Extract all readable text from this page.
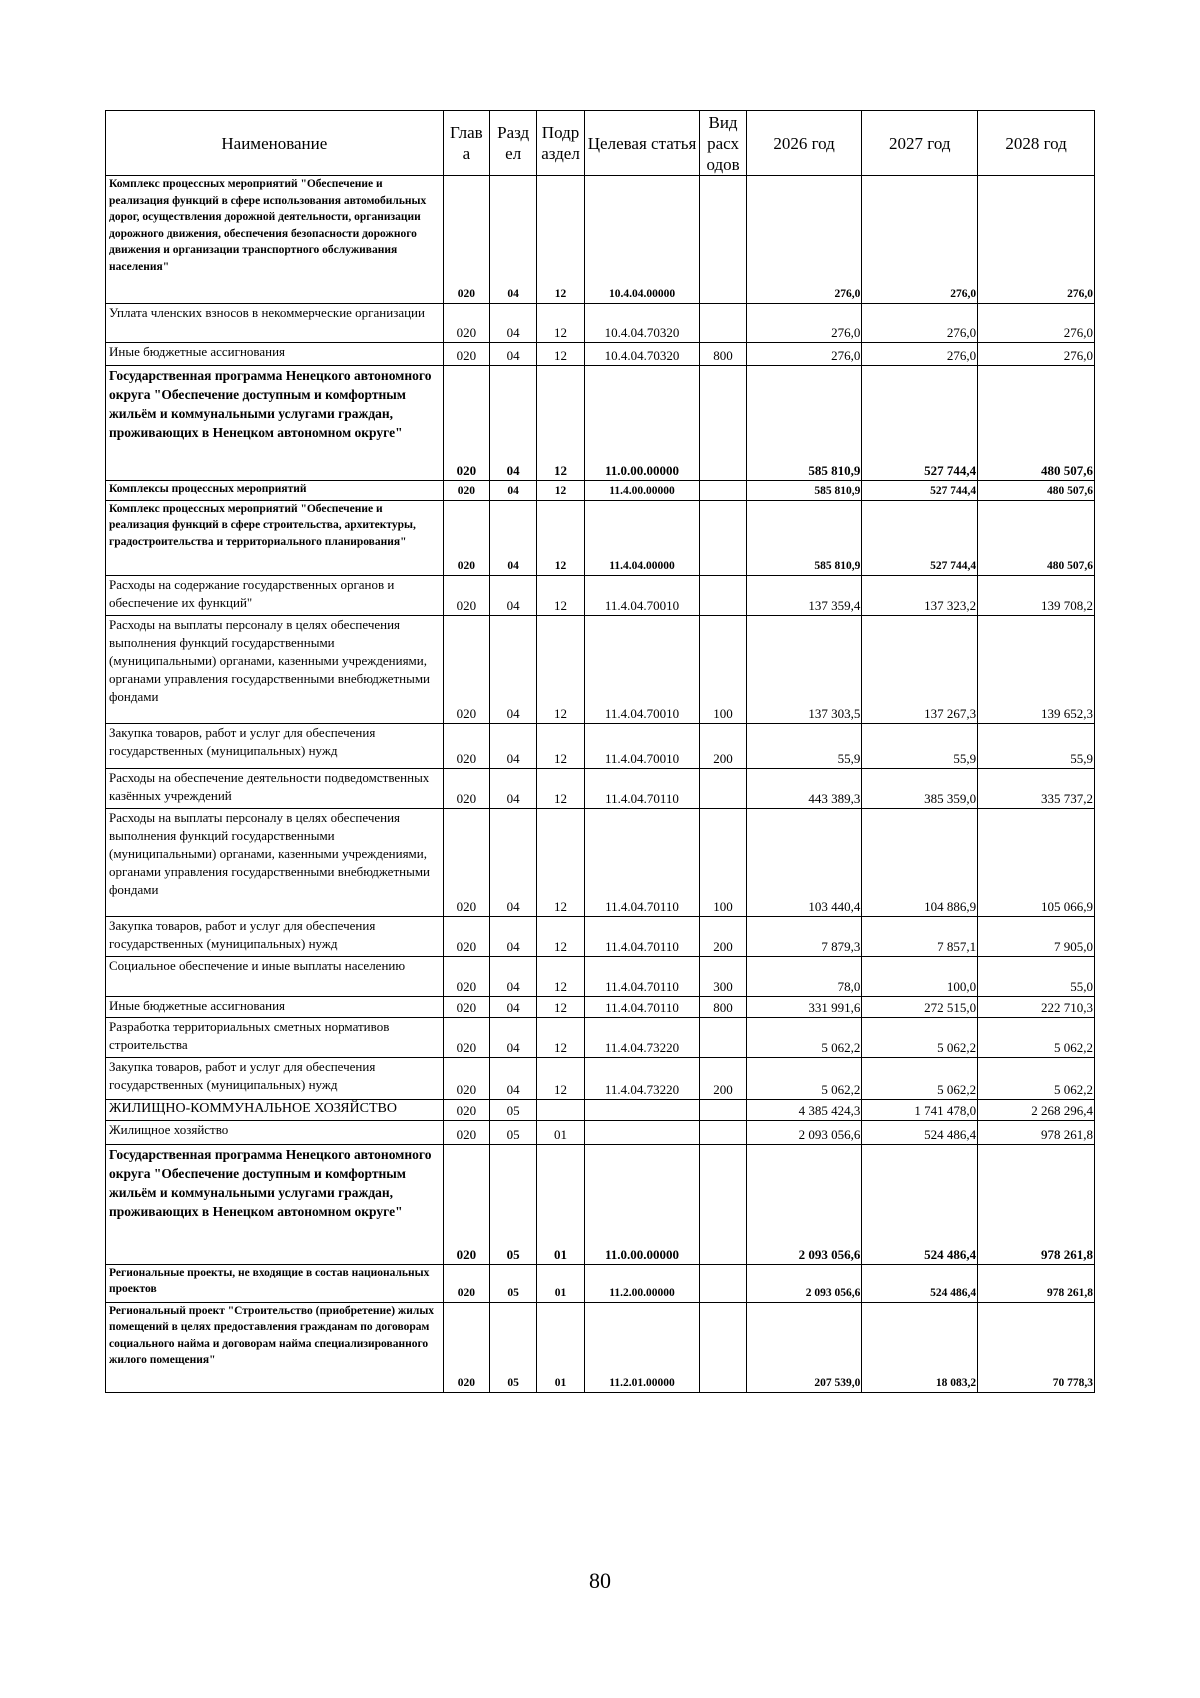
Наименование	Глав а	Разд ел	Подр аздел	Целевая статья	Вид расх одов	2026 год	2027 год	2028 год
Комплекс процессных мероприятий "Обеспечение и реализация функций в сфере использования автомобильных дорог, осуществления дорожной деятельности, организации дорожного движения, обеспечения безопасности дорожного движения и организации транспортного обслуживания населения"	020	04	12	10.4.04.00000		276,0	276,0	276,0
Уплата членских взносов в некоммерческие организации	020	04	12	10.4.04.70320		276,0	276,0	276,0
Иные бюджетные ассигнования	020	04	12	10.4.04.70320	800	276,0	276,0	276,0
Государственная программа Ненецкого автономного округа "Обеспечение доступным и комфортным жильём и коммунальными услугами граждан, проживающих в Ненецком автономном округе"	020	04	12	11.0.00.00000		585 810,9	527 744,4	480 507,6
Комплексы процессных мероприятий	020	04	12	11.4.00.00000		585 810,9	527 744,4	480 507,6
Комплекс процессных мероприятий "Обеспечение и реализация функций в сфере строительства, архитектуры, градостроительства и территориального планирования"	020	04	12	11.4.04.00000		585 810,9	527 744,4	480 507,6
Расходы на содержание государственных органов и обеспечение их функций"	020	04	12	11.4.04.70010		137 359,4	137 323,2	139 708,2
Расходы на выплаты персоналу в целях обеспечения выполнения функций государственными (муниципальными) органами, казенными учреждениями, органами управления государственными внебюджетными фондами	020	04	12	11.4.04.70010	100	137 303,5	137 267,3	139 652,3
Закупка товаров, работ и услуг для обеспечения государственных (муниципальных) нужд	020	04	12	11.4.04.70010	200	55,9	55,9	55,9
Расходы на обеспечение деятельности подведомственных казённых учреждений	020	04	12	11.4.04.70110		443 389,3	385 359,0	335 737,2
Расходы на выплаты персоналу в целях обеспечения выполнения функций государственными (муниципальными) органами, казенными учреждениями, органами управления государственными внебюджетными фондами	020	04	12	11.4.04.70110	100	103 440,4	104 886,9	105 066,9
Закупка товаров, работ и услуг для обеспечения государственных (муниципальных) нужд	020	04	12	11.4.04.70110	200	7 879,3	7 857,1	7 905,0
Социальное обеспечение и иные выплаты населению	020	04	12	11.4.04.70110	300	78,0	100,0	55,0
Иные бюджетные ассигнования	020	04	12	11.4.04.70110	800	331 991,6	272 515,0	222 710,3
Разработка территориальных сметных нормативов строительства	020	04	12	11.4.04.73220		5 062,2	5 062,2	5 062,2
Закупка товаров, работ и услуг для обеспечения государственных (муниципальных) нужд	020	04	12	11.4.04.73220	200	5 062,2	5 062,2	5 062,2
ЖИЛИЩНО-КОММУНАЛЬНОЕ ХОЗЯЙСТВО	020	05				4 385 424,3	1 741 478,0	2 268 296,4
Жилищное хозяйство	020	05	01			2 093 056,6	524 486,4	978 261,8
Государственная программа Ненецкого автономного округа "Обеспечение доступным и комфортным жильём и коммунальными услугами граждан, проживающих в Ненецком автономном округе"	020	05	01	11.0.00.00000		2 093 056,6	524 486,4	978 261,8
Региональные проекты, не входящие в состав национальных проектов	020	05	01	11.2.00.00000		2 093 056,6	524 486,4	978 261,8
Региональный проект "Строительство (приобретение) жилых помещений в целях предоставления гражданам по договорам социального найма и договорам найма специализированного жилого помещения"	020	05	01	11.2.01.00000		207 539,0	18 083,2	70 778,3
80
